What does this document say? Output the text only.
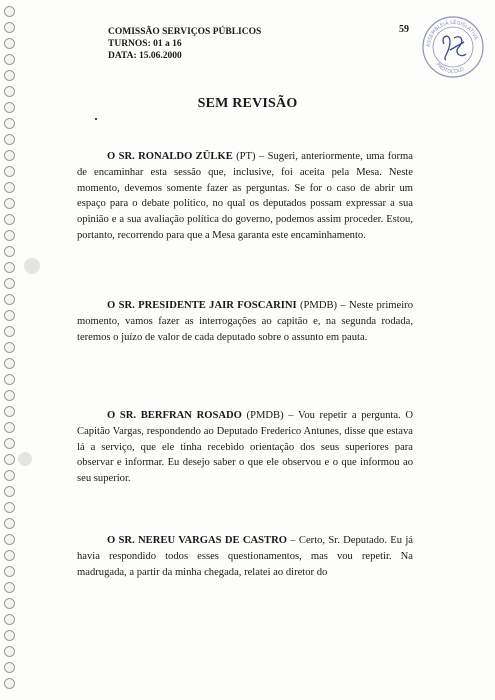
COMISSÃO SERVIÇOS PÚBLICOS
TURNOS: 01 a 16
DATA: 15.06.2000
59
ASSEMBLEIA LEGISLATIVA
PROTOCOLO
SEM REVISÃO

O SR. RONALDO ZÜLKE (PT) – Sugeri, anteriormente, uma forma de encaminhar esta sessão que, inclusive, foi aceita pela Mesa. Neste momento, devemos somente fazer as perguntas. Se for o caso de abrir um espaço para o debate político, no qual os deputados possam expressar a sua opinião e a sua avaliação política do governo, podemos assim proceder. Estou, portanto, recorrendo para que a Mesa garanta este encaminhamento.

O SR. PRESIDENTE JAIR FOSCARINI (PMDB) – Neste primeiro momento, vamos fazer as interrogações ao capitão e, na segunda rodada, teremos o juízo de valor de cada deputado sobre o assunto em pauta.

O SR. BERFRAN ROSADO (PMDB) – Vou repetir a pergunta. O Capitão Vargas, respondendo ao Deputado Frederico Antunes, disse que estava lá a serviço, que ele tinha recebido orientação dos seus superiores para observar e informar. Eu desejo saber o que ele observou e o que informou ao seu superior.

O SR. NEREU VARGAS DE CASTRO – Certo, Sr. Deputado. Eu já havia respondido todos esses questionamentos, mas vou repetir. Na madrugada, a partir da minha chegada, relatei ao diretor do
